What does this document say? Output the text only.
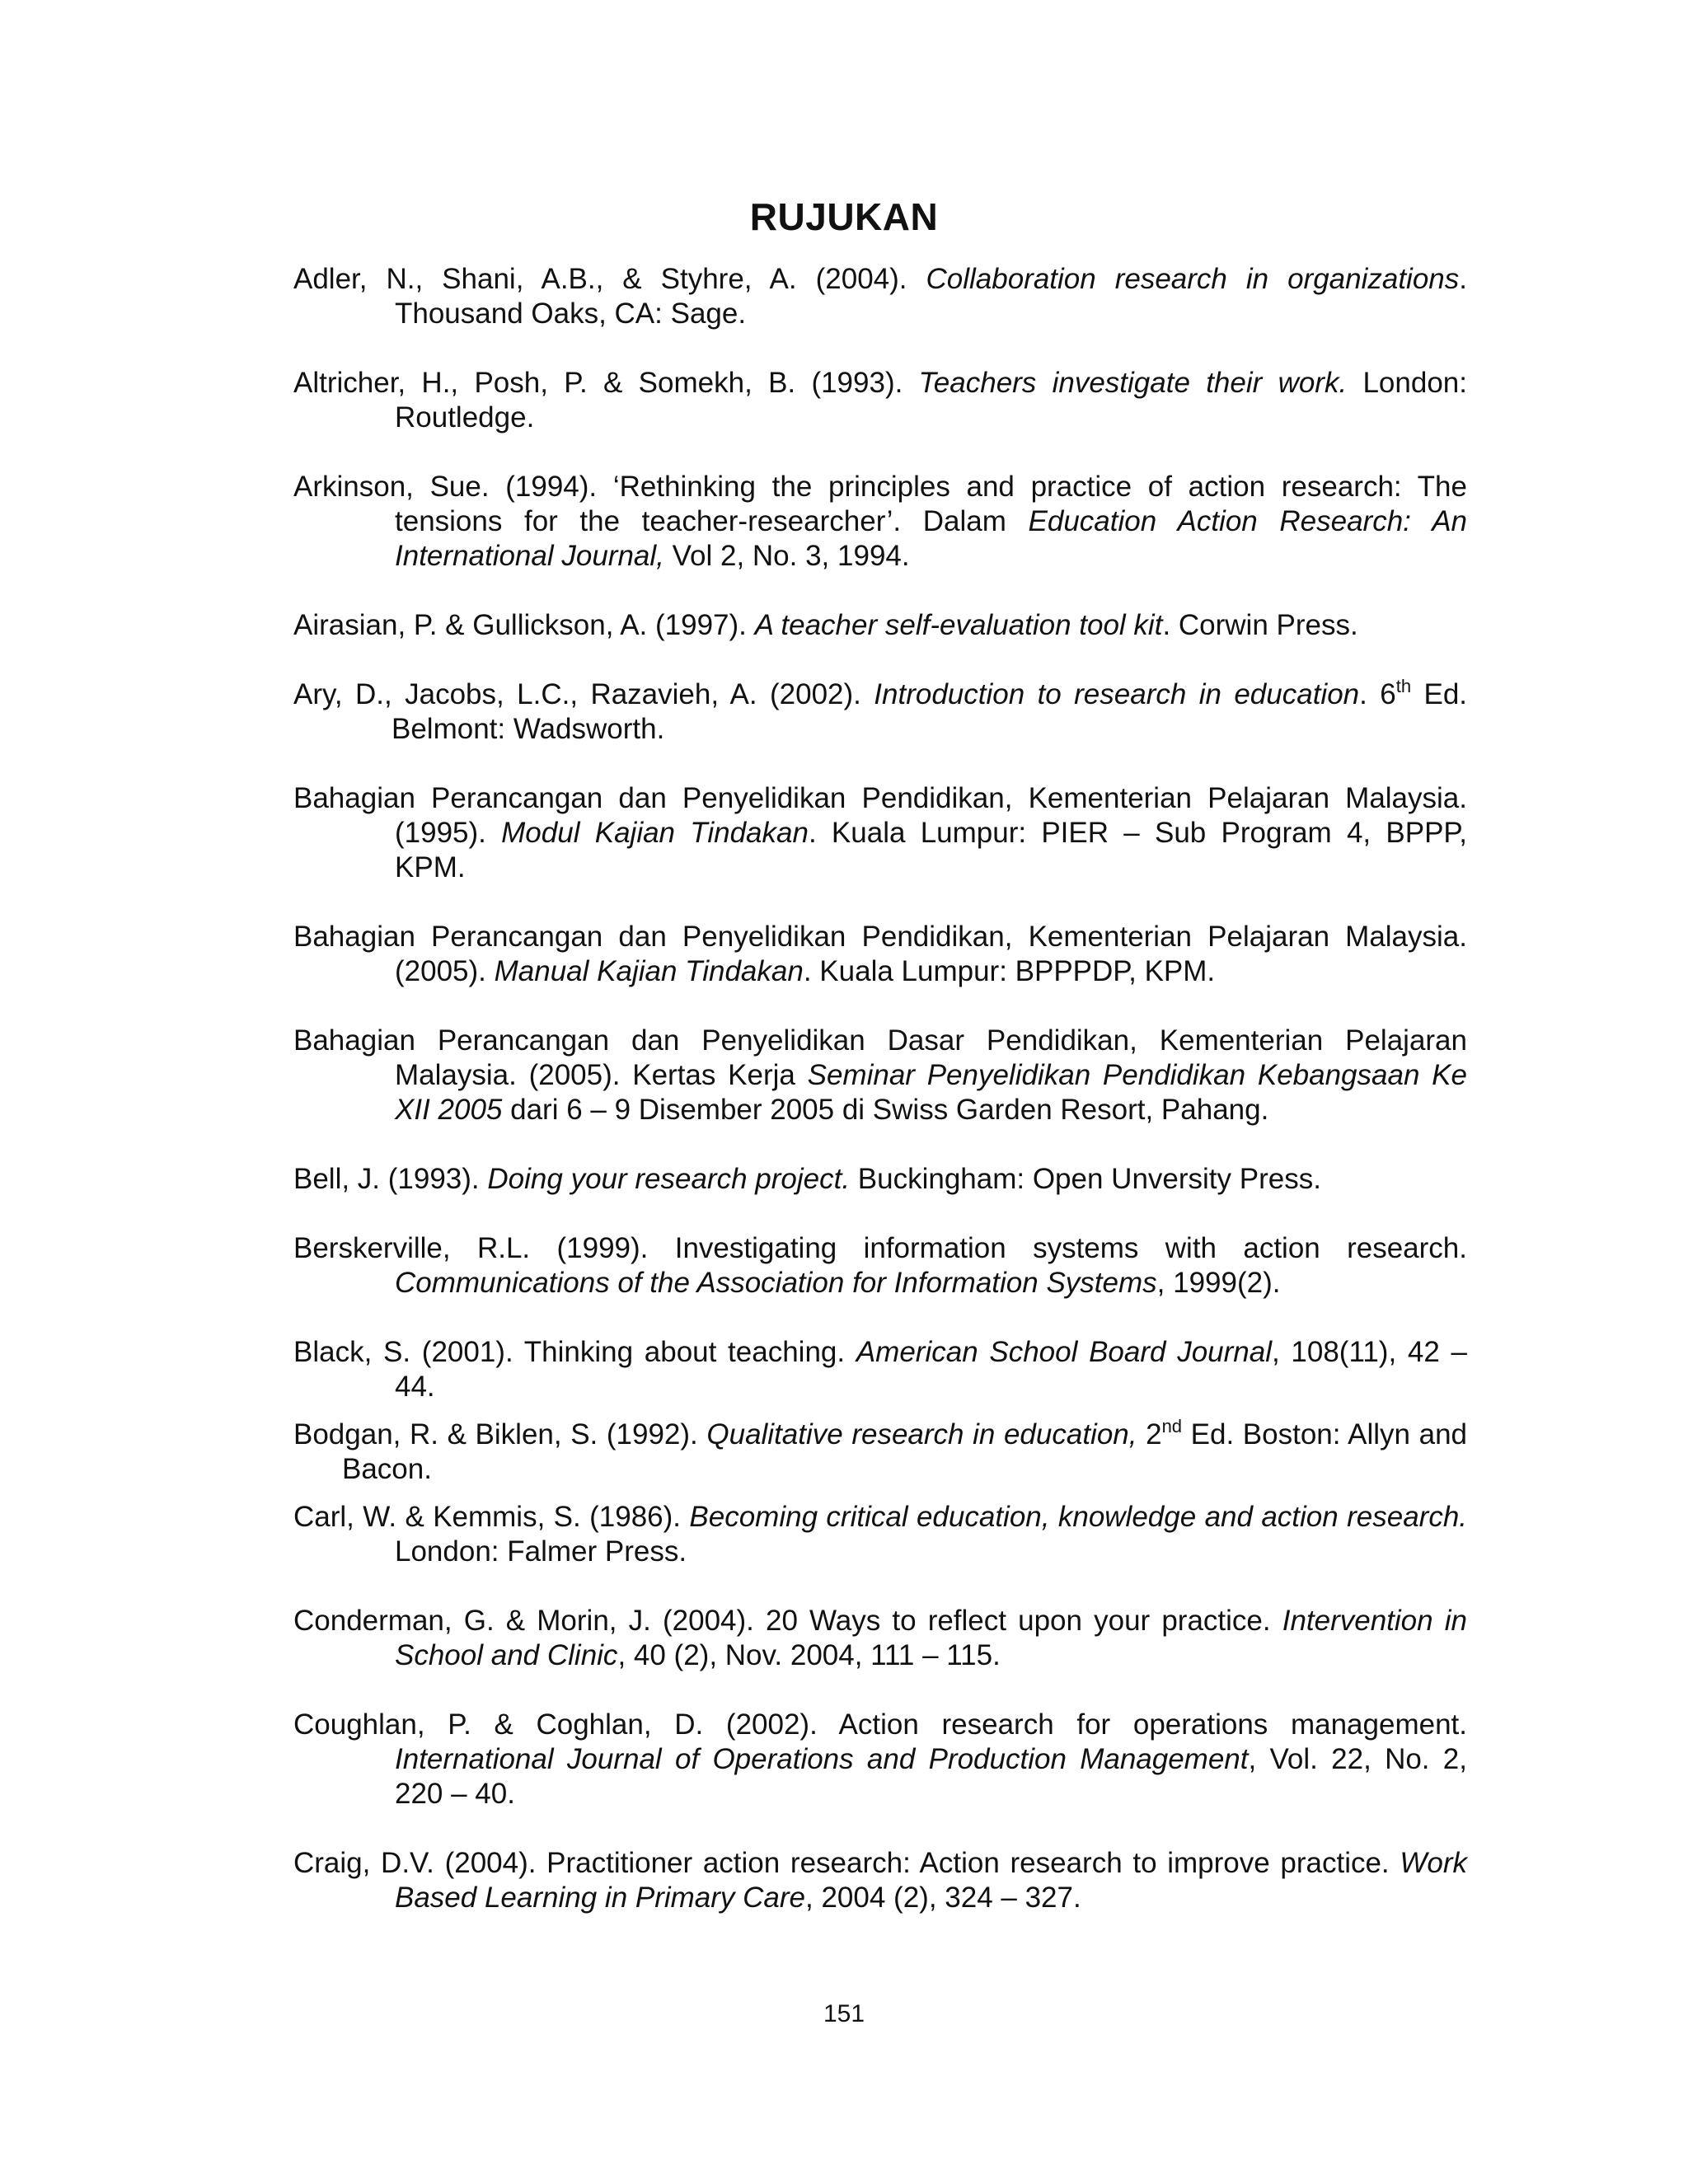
RUJUKAN

Adler, N., Shani, A.B., & Styhre, A. (2004). Collaboration research in organizations. Thousand Oaks, CA: Sage.

Altricher, H., Posh, P. & Somekh, B. (1993). Teachers investigate their work. London: Routledge.

Arkinson, Sue. (1994). ‘Rethinking the principles and practice of action research: The tensions for the teacher-researcher’. Dalam Education Action Research: An International Journal, Vol 2, No. 3, 1994.

Airasian, P. & Gullickson, A. (1997). A teacher self-evaluation tool kit. Corwin Press.

Ary, D., Jacobs, L.C., Razavieh, A. (2002). Introduction to research in education. 6th Ed. Belmont: Wadsworth.

Bahagian Perancangan dan Penyelidikan Pendidikan, Kementerian Pelajaran Malaysia. (1995). Modul Kajian Tindakan. Kuala Lumpur: PIER – Sub Program 4, BPPP, KPM.

Bahagian Perancangan dan Penyelidikan Pendidikan, Kementerian Pelajaran Malaysia. (2005). Manual Kajian Tindakan. Kuala Lumpur: BPPPDP, KPM.

Bahagian Perancangan dan Penyelidikan Dasar Pendidikan, Kementerian Pelajaran Malaysia. (2005). Kertas Kerja Seminar Penyelidikan Pendidikan Kebangsaan Ke XII 2005 dari 6 – 9 Disember 2005 di Swiss Garden Resort, Pahang.

Bell, J. (1993). Doing your research project. Buckingham: Open Unversity Press.

Berskerville, R.L. (1999). Investigating information systems with action research. Communications of the Association for Information Systems, 1999(2).

Black, S. (2001). Thinking about teaching. American School Board Journal, 108(11), 42 – 44.

Bodgan, R. & Biklen, S. (1992). Qualitative research in education, 2nd Ed. Boston: Allyn and Bacon.

Carl, W. & Kemmis, S. (1986). Becoming critical education, knowledge and action research. London: Falmer Press.

Conderman, G. & Morin, J. (2004). 20 Ways to reflect upon your practice. Intervention in School and Clinic, 40 (2), Nov. 2004, 111 – 115.

Coughlan, P. & Coghlan, D. (2002). Action research for operations management. International Journal of Operations and Production Management, Vol. 22, No. 2, 220 – 40.

Craig, D.V. (2004). Practitioner action research: Action research to improve practice. Work Based Learning in Primary Care, 2004 (2), 324 – 327.

151
